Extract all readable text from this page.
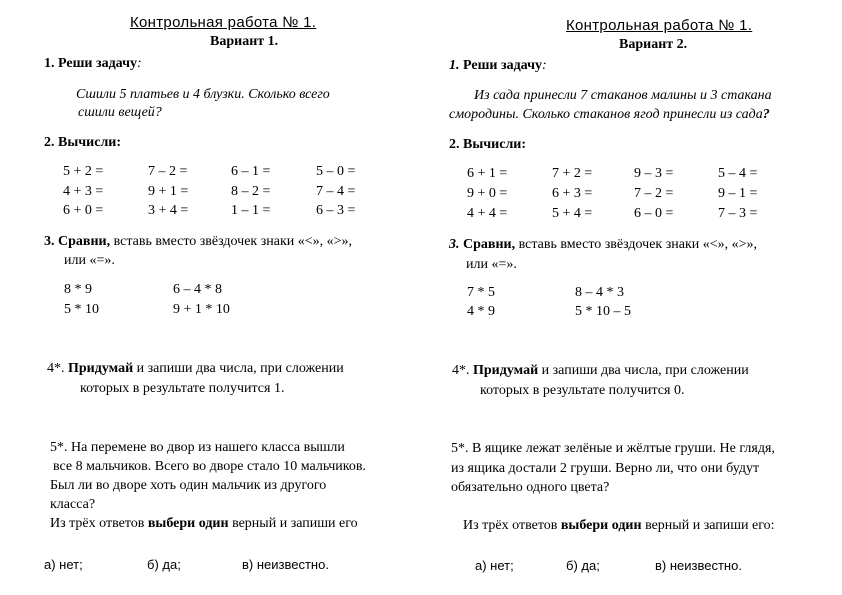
Контрольная работа № 1.
Вариант 1.
1. Реши задачу:
Сшили 5 платьев и 4 блузки. Сколько всего
сшили вещей?
2. Вычисли:
5 + 2 =	7 – 2 =	6 – 1 =	5 – 0 =
4 + 3 =	9 + 1 =	8 – 2 =	7 – 4 =
6 + 0 =	3 + 4 =	1 – 1 =	6 – 3 =
3. Сравни, вставь вместо звёздочек знаки «<», «>»,
или «=».
8 * 9	6 – 4 * 8
5 * 10	9 + 1 * 10
4*. Придумай и запиши два числа, при сложении
которых в результате получится 1.
5*. На перемене во двор из нашего класса вышли
все 8 мальчиков. Всего во дворе стало 10 мальчиков.
Был ли во дворе хоть один мальчик из другого
класса?
Из трёх ответов выбери один верный и запиши его
а) нет;	б) да;	в) неизвестно.
Контрольная работа № 1.
Вариант 2.
1. Реши задачу:
Из сада принесли 7 стаканов малины и 3 стакана
смородины. Сколько стаканов ягод принесли из сада?
2. Вычисли:
6 + 1 =	7 + 2 =	9 – 3 =	5 – 4 =
9 + 0 =	6 + 3 =	7 – 2 =	9 – 1 =
4 + 4 =	5 + 4 =	6 – 0 =	7 – 3 =
3. Сравни, вставь вместо звёздочек знаки «<», «>»,
или «=».
7 * 5	8 – 4 * 3
4 * 9	5 * 10 – 5
4*. Придумай и запиши два числа, при сложении
которых в результате получится 0.
5*. В ящике лежат зелёные и жёлтые груши. Не глядя,
из ящика достали 2 груши. Верно ли, что они будут
обязательно одного цвета?
Из трёх ответов выбери один верный и запиши его:
а) нет;	б) да;	в) неизвестно.
